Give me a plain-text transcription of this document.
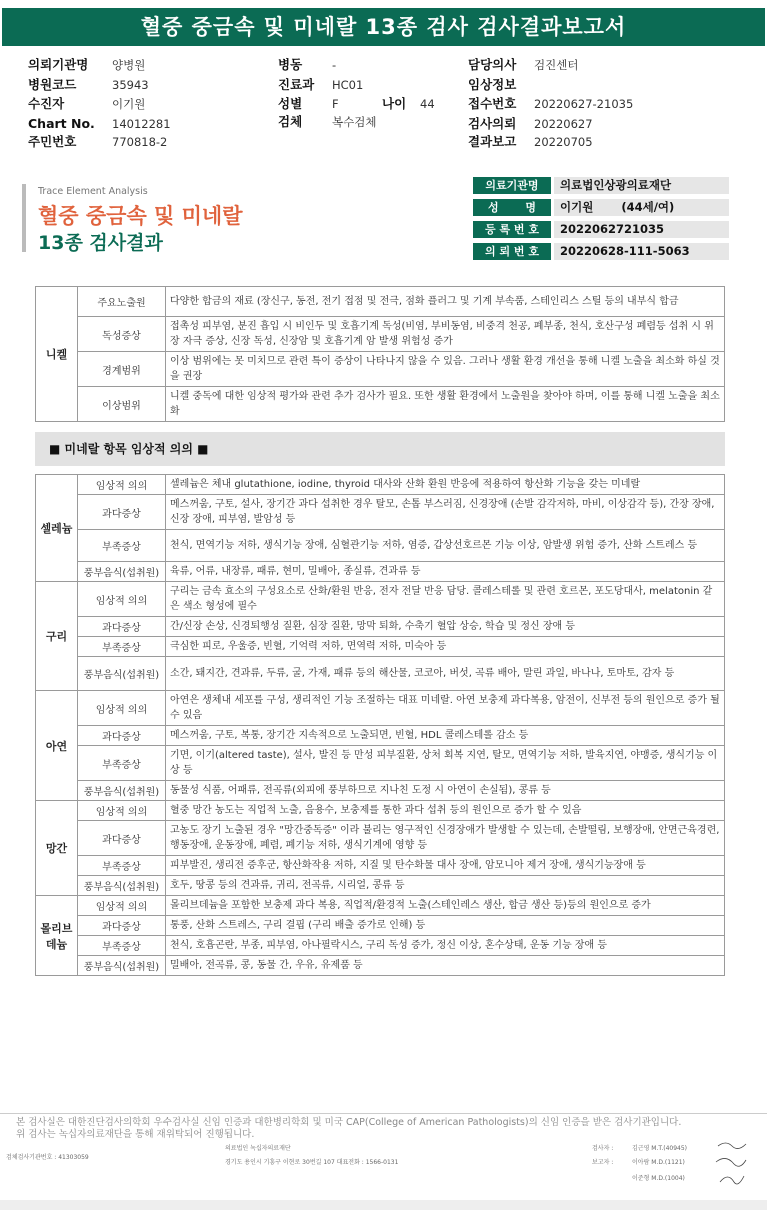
혈중 중금속 및 미네랄 13종 검사 검사결과보고서
의뢰기관명 양병원
병원코드	35943
수진자	이기원
Chart No. 14012281
주민번호	770818-2
병동	-
진료과 HC01
성별	F	나이 44
검체	복수검체
담당의사 검진센터
임상정보
접수번호 20220627-21035
검사의뢰 20220627
결과보고 20220705
Trace Element Analysis
혈중 중금속 및 미네랄
13종 검사결과
의료기관명	의료법인상광의료재단
성       명	이기원       (44세/여)
등 록 번 호	2022062721035
의 뢰 번 호	20220628-111-5063
니켈	주요노출원	다양한 합금의 재료 (장신구, 동전, 전기 접점 및 전극, 점화 플러그 및 기계 부속품, 스테인리스 스틸 등의 내부식 합금
	독성증상	접촉성 피부염, 분진 흡입 시 비인두 및 호흡기계 독성(비염, 부비동염, 비중격 천공, 폐부종, 천식, 호산구성 폐렴등 섭취 시 위장 자극 증상, 신장 독성, 신장암 및 호흡기계 암 발생 위험성 증가
	경계범위	이상 범위에는 못 미치므로 관련 특이 증상이 나타나지 않을 수 있음. 그러나 생활 환경 개선을 통해 니켈 노출을 최소화 하실 것을 권장
	이상범위	니켈 중독에 대한 임상적 평가와 관련 추가 검사가 필요. 또한 생활 환경에서 노출원을 찾아야 하며, 이를 통해 니켈 노출을 최소화
■ 미네랄 항목 임상적 의의 ■
셀레늄	임상적 의의	셀레늄은 체내 glutathione, iodine, thyroid 대사와 산화 환원 반응에 적용하여 항산화 기능을 갖는 미네랄
	과다증상	메스꺼움, 구토, 설사, 장기간 과다 섭취한 경우 탈모, 손톱 부스러짐, 신경장애 (손발 감각저하, 마비, 이상감각 등), 간장 장애, 신장 장애, 피부염, 발암성 등
	부족증상	천식, 면역기능 저하, 생식기능 장애, 심혈관기능 저하, 염증, 갑상선호르몬 기능 이상, 암발생 위험 증가, 산화 스트레스 등
	풍부음식(섭취원)	육류, 어류, 내장류, 패류, 현미, 밀배아, 종실류, 견과류 등
구리	임상적 의의	구리는 금속 효소의 구성요소로 산화/환원 반응, 전자 전달 반응 담당. 콜레스테롤 및 관련 호르몬, 포도당대사, melatonin 같은 색소 형성에 필수
	과다증상	간/신장 손상, 신경퇴행성 질환, 심장 질환, 망막 퇴화, 수축기 혈압 상승, 학습 및 정신 장애 등
	부족증상	극심한 피로, 우울증, 빈혈, 기억력 저하, 면역력 저하, 미숙아 등
	풍부음식(섭취원)	소간, 돼지간, 견과류, 두류, 굴, 가재, 패류 등의 해산물, 코코아, 버섯, 곡류 배아, 말린 과일, 바나나, 토마토, 감자 등
아연	임상적 의의	아연은 생체내 세포를 구성, 생리적인 기능 조절하는 대표 미네랄. 아연 보충제 과다복용, 암전이, 신부전 등의 원인으로 증가 될 수 있음
	과다증상	메스꺼움, 구토, 복통, 장기간 지속적으로 노출되면, 빈혈, HDL 콜레스테롤 감소 등
	부족증상	기면, 이기(altered taste), 설사, 발진 등 만성 피부질환, 상처 회복 지연, 탈모, 면역기능 저하, 발육지연, 야맹증, 생식기능 이상 등
	풍부음식(섭취원)	동물성 식품, 어패류, 전곡류(외피에 풍부하므로 지나친 도정 시 아연이 손실됨), 콩류 등
망간	임상적 의의	혈중 망간 농도는 직업적 노출, 음용수, 보충제를 통한 과다 섭취 등의 원인으로 증가 할 수 있음
	과다증상	고농도 장기 노출된 경우 "망간중독증" 이라 불리는 영구적인 신경장애가 발생할 수 있는데, 손발떨림, 보행장애, 안면근육경련, 행동장애, 운동장애, 폐렴, 폐기능 저하, 생식기계에 영향 등
	부족증상	피부발진, 생리전 증후군, 항산화작용 저하, 지질 및 탄수화물 대사 장애, 암모니아 제거 장애, 생식기능장애 등
	풍부음식(섭취원)	호두, 땅콩 등의 견과류, 귀리, 전곡류, 시리얼, 콩류 등
몰리브 데늄	임상적 의의	몰리브데늄을 포함한 보충제 과다 복용, 직업적/환경적 노출(스테인레스 생산, 합금 생산 등)등의 원인으로 증가
	과다증상	통풍, 산화 스트레스, 구리 결핍 (구리 배출 증가로 인해) 등
	부족증상	천식, 호흡곤란, 부종, 피부염, 아나필락시스, 구리 독성 증가, 정신 이상, 혼수상태, 운동 기능 장애 등
	풍부음식(섭취원)	밀배아, 전곡류, 콩, 동물 간, 우유, 유제품 등
본 검사실은 대한진단검사의학회 우수검사실 신임 인증과 대한병리학회 및 미국 CAP(College of American Pathologists)의 신임 인증을 받은 검사기관입니다.
위 검사는 녹십자의료재단을 통해 재위탁되어 진행됩니다.
검체검사기관번호 : 41303059
의료법인 녹십자의료재단
경기도 용인시 기흥구 이현로 30번길 107 대표전화 : 1566-0131
검사자 :	김근영 M.T.(40945)
보고자 :	이아람 M.D.(1121)
이준형 M.D.(1004)
